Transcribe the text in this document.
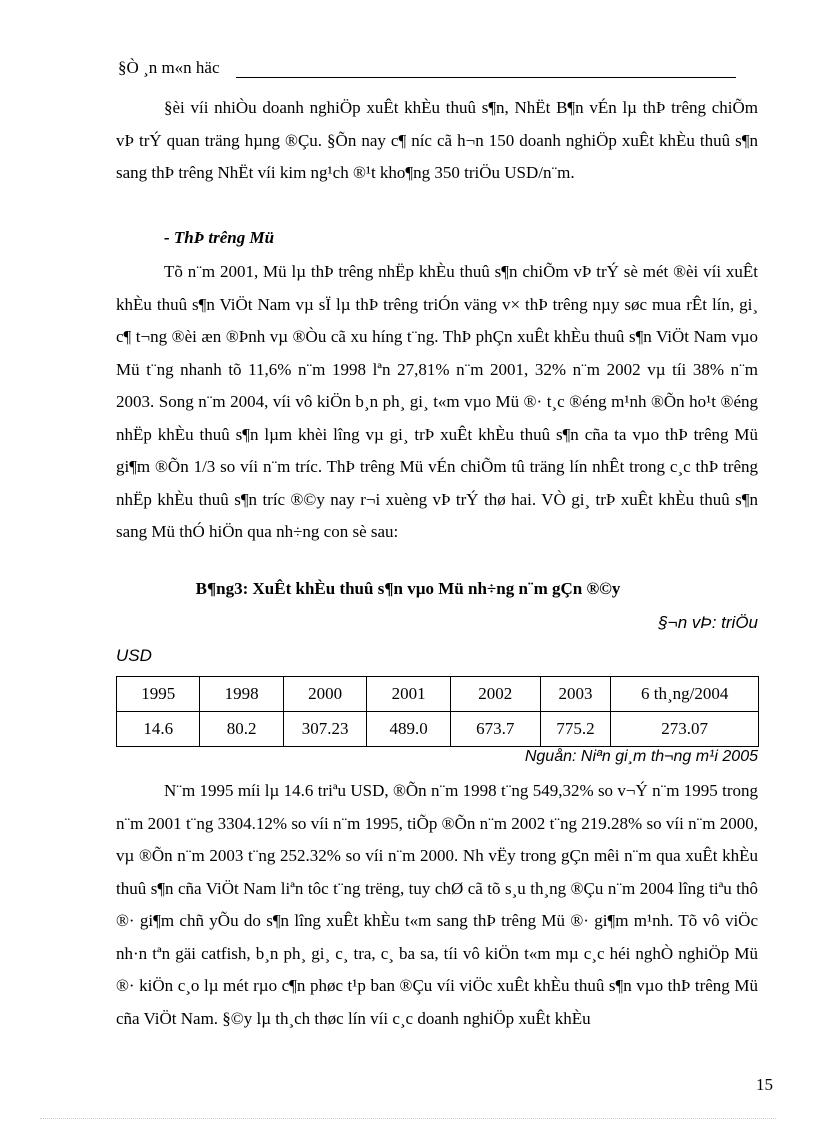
§Ò ¸n m«n häc

§èi víi nhiÒu doanh nghiÖp xuÊt khÈu thuû s¶n, NhËt B¶n vÉn lµ thÞ trêng chiÕm vÞ trÝ quan träng hµng ®Çu. §Õn nay c¶ níc cã h¬n 150 doanh nghiÖp xuÊt khÈu thuû s¶n sang thÞ trêng NhËt víi kim ng¹ch ®¹t kho¶ng 350 triÖu USD/n¨m.

- ThÞ trêng Mü

Tõ n¨m 2001, Mü lµ thÞ trêng nhËp khÈu thuû s¶n chiÕm vÞ trÝ sè mét ®èi víi xuÊt khÈu thuû s¶n ViÖt Nam vµ sÏ lµ thÞ trêng triÓn väng v× thÞ trêng nµy søc mua rÊt lín, gi¸ c¶ t¬ng ®èi æn ®Þnh vµ ®Òu cã xu híng t¨ng. ThÞ phÇn xuÊt khÈu thuû s¶n ViÖt Nam vµo Mü t¨ng nhanh tõ 11,6% n¨m 1998 lªn 27,81% n¨m 2001, 32% n¨m 2002 vµ tíi 38% n¨m 2003. Song n¨m 2004, víi vô kiÖn b¸n ph¸ gi¸ t«m vµo Mü ®· t¸c ®éng m¹nh ®Õn ho¹t ®éng nhËp khÈu thuû s¶n lµm khèi lîng vµ gi¸ trÞ xuÊt khÈu thuû s¶n cña ta vµo thÞ trêng Mü gi¶m ®Õn 1/3 so víi n¨m tríc. ThÞ trêng Mü vÉn chiÕm tû träng lín nhÊt trong c¸c thÞ trêng nhËp khÈu thuû s¶n tríc ®©y nay r¬i xuèng vÞ trÝ thø hai. VÒ gi¸ trÞ xuÊt khÈu thuû s¶n sang Mü thÓ hiÖn qua nh÷ng con sè sau:

B¶ng3: XuÊt khÈu thuû s¶n vµo Mü nh÷ng n¨m gÇn ®©y
§¬n vÞ: triÖu
USD
1995	1998	2000	2001	2002	2003	6 th¸ng/2004
14.6	80.2	307.23	489.0	673.7	775.2	273.07
Nguån: Niªn gi¸m th¬ng m¹i 2005

N¨m 1995 míi lµ 14.6 triªu USD, ®Õn n¨m 1998 t¨ng 549,32% so v¬Ý n¨m 1995 trong n¨m 2001 t¨ng 3304.12% so víi n¨m 1995, tiÕp ®Õn n¨m 2002 t¨ng 219.28% so víi n¨m 2000, vµ ®Õn n¨m 2003 t¨ng 252.32% so víi n¨m 2000. Nh vËy trong gÇn mêi n¨m qua xuÊt khÈu thuû s¶n cña ViÖt Nam liªn tôc t¨ng trëng, tuy chØ cã tõ s¸u th¸ng ®Çu n¨m 2004 lîng tiªu thô ®· gi¶m chñ yÕu do s¶n lîng xuÊt khÈu t«m sang thÞ trêng Mü ®· gi¶m m¹nh. Tõ vô viÖc nh·n tªn gäi catfish, b¸n ph¸ gi¸ c¸ tra, c¸ ba sa, tíi vô kiÖn t«m mµ c¸c héi nghÒ nghiÖp Mü ®· kiÖn c¸o lµ mét rµo c¶n phøc t¹p ban ®Çu víi viÖc xuÊt khÈu thuû s¶n vµo thÞ trêng Mü cña ViÖt Nam. §©y lµ th¸ch thøc lín víi c¸c doanh nghiÖp xuÊt khÈu

15
